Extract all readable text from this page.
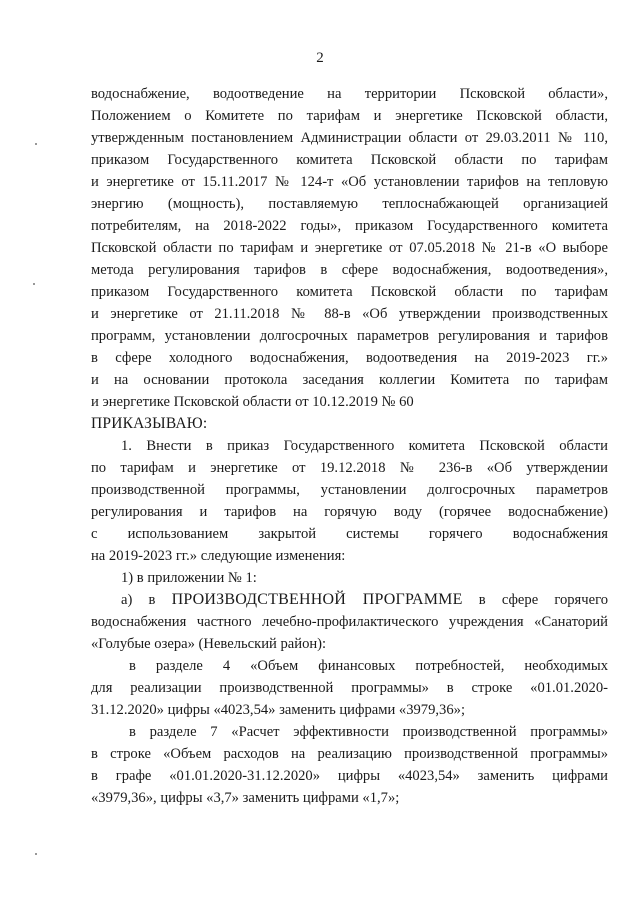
2

водоснабжение, водоотведение на территории Псковской области»,

Положением о Комитете по тарифам и энергетике Псковской области,

утвержденным постановлением Администрации области от 29.03.2011 № 110,

приказом Государственного комитета Псковской области по тарифам

и энергетике от 15.11.2017 № 124-т «Об установлении тарифов на тепловую

энергию (мощность), поставляемую теплоснабжающей организацией

потребителям, на 2018-2022 годы», приказом Государственного комитета

Псковской области по тарифам и энергетике от 07.05.2018 № 21-в «О выборе

метода регулирования тарифов в сфере водоснабжения, водоотведения»,

приказом Государственного комитета Псковской области по тарифам

и энергетике от 21.11.2018 № 88-в «Об утверждении производственных

программ, установлении долгосрочных параметров регулирования и тарифов

в сфере холодного водоснабжения, водоотведения на 2019-2023 гг.»

и на основании протокола заседания коллегии Комитета по тарифам

и энергетике Псковской области от 10.12.2019 № 60

ПРИКАЗЫВАЮ:

1. Внести в приказ Государственного комитета Псковской области

по тарифам и энергетике от 19.12.2018 № 236-в «Об утверждении

производственной программы, установлении долгосрочных параметров

регулирования и тарифов на горячую воду (горячее водоснабжение)

с использованием закрытой системы горячего водоснабжения

на 2019-2023 гг.» следующие изменения:

1) в приложении № 1:

а) в ПРОИЗВОДСТВЕННОЙ ПРОГРАММЕ в сфере горячего

водоснабжения частного лечебно-профилактического учреждения «Санаторий

«Голубые озера» (Невельский район):

в разделе 4 «Объем финансовых потребностей, необходимых

для реализации производственной программы» в строке «01.01.2020-

31.12.2020» цифры «4023,54» заменить цифрами «3979,36»;

в разделе 7 «Расчет эффективности производственной программы»

в строке «Объем расходов на реализацию производственной программы»

в графе «01.01.2020-31.12.2020» цифры «4023,54» заменить цифрами

«3979,36», цифры «3,7» заменить цифрами «1,7»;
